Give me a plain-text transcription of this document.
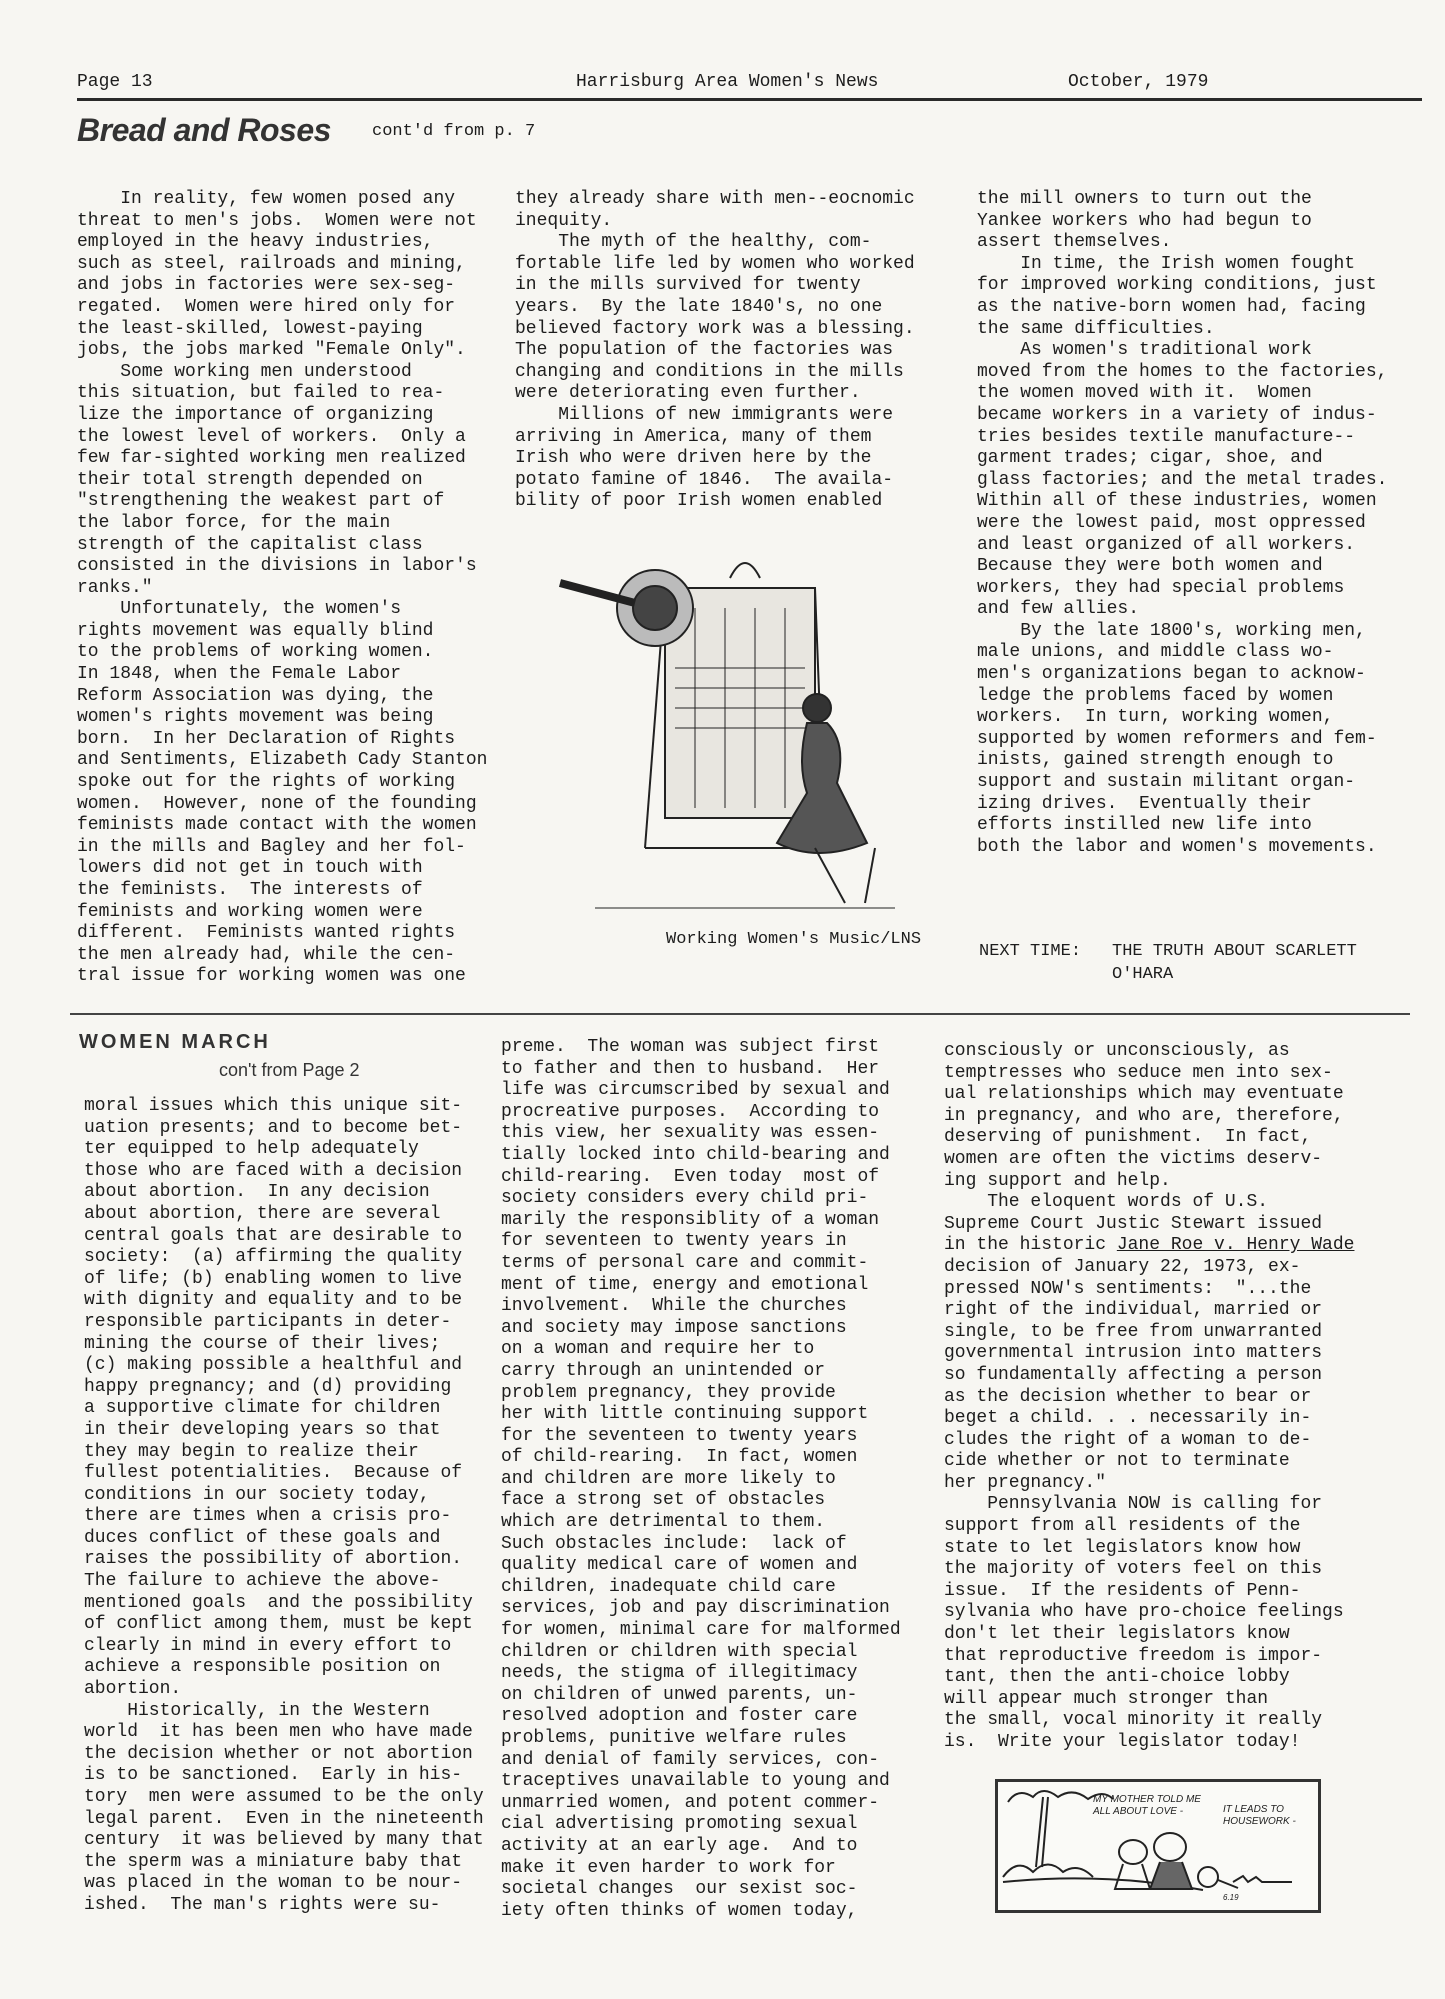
Page 13	Harrisburg Area Women's News	October, 1979
Bread and Roses cont'd from p. 7
In reality, few women posed any
threat to men's jobs.  Women were not
employed in the heavy industries,
such as steel, railroads and mining,
and jobs in factories were sex-seg-
regated.  Women were hired only for
the least-skilled, lowest-paying
jobs, the jobs marked "Female Only".
Some working men understood
this situation, but failed to rea-
lize the importance of organizing
the lowest level of workers.  Only a
few far-sighted working men realized
their total strength depended on
"strengthening the weakest part of
the labor force, for the main
strength of the capitalist class
consisted in the divisions in labor's
ranks."
Unfortunately, the women's
rights movement was equally blind
to the problems of working women.
In 1848, when the Female Labor
Reform Association was dying, the
women's rights movement was being
born.  In her Declaration of Rights
and Sentiments, Elizabeth Cady Stanton
spoke out for the rights of working
women.  However, none of the founding
feminists made contact with the women
in the mills and Bagley and her fol-
lowers did not get in touch with
the feminists.  The interests of
feminists and working women were
different.  Feminists wanted rights
the men already had, while the cen-
tral issue for working women was one
they already share with men--eocnomic
inequity.
The myth of the healthy, com-
fortable life led by women who worked
in the mills survived for twenty
years.  By the late 1840's, no one
believed factory work was a blessing.
The population of the factories was
changing and conditions in the mills
were deteriorating even further.
Millions of new immigrants were
arriving in America, many of them
Irish who were driven here by the
potato famine of 1846.  The availa-
bility of poor Irish women enabled
the mill owners to turn out the
Yankee workers who had begun to
assert themselves.
In time, the Irish women fought
for improved working conditions, just
as the native-born women had, facing
the same difficulties.
As women's traditional work
moved from the homes to the factories,
the women moved with it.  Women
became workers in a variety of indus-
tries besides textile manufacture--
garment trades; cigar, shoe, and
glass factories; and the metal trades.
Within all of these industries, women
were the lowest paid, most oppressed
and least organized of all workers.
Because they were both women and
workers, they had special problems
and few allies.
By the late 1800's, working men,
male unions, and middle class wo-
men's organizations began to acknow-
ledge the problems faced by women
workers.  In turn, working women,
supported by women reformers and fem-
inists, gained strength enough to
support and sustain militant organ-
izing drives.  Eventually their
efforts instilled new life into
both the labor and women's movements.
Working Women's Music/LNS
NEXT TIME: THE TRUTH ABOUT SCARLETT
O'HARA
WOMEN MARCH
con't from Page 2
moral issues which this unique sit-
uation presents; and to become bet-
ter equipped to help adequately
those who are faced with a decision
about abortion.  In any decision
about abortion, there are several
central goals that are desirable to
society:  (a) affirming the quality
of life; (b) enabling women to live
with dignity and equality and to be
responsible participants in deter-
mining the course of their lives;
(c) making possible a healthful and
happy pregnancy; and (d) providing
a supportive climate for children
in their developing years so that
they may begin to realize their
fullest potentialities.  Because of
conditions in our society today,
there are times when a crisis pro-
duces conflict of these goals and
raises the possibility of abortion.
The failure to achieve the above-
mentioned goals  and the possibility
of conflict among them, must be kept
clearly in mind in every effort to
achieve a responsible position on
abortion.
Historically, in the Western
world  it has been men who have made
the decision whether or not abortion
is to be sanctioned.  Early in his-
tory  men were assumed to be the only
legal parent.  Even in the nineteenth
century  it was believed by many that
the sperm was a miniature baby that
was placed in the woman to be nour-
ished.  The man's rights were su-
preme.  The woman was subject first
to father and then to husband.  Her
life was circumscribed by sexual and
procreative purposes.  According to
this view, her sexuality was essen-
tially locked into child-bearing and
child-rearing.  Even today  most of
society considers every child pri-
marily the responsiblity of a woman
for seventeen to twenty years in
terms of personal care and commit-
ment of time, energy and emotional
involvement.  While the churches
and society may impose sanctions
on a woman and require her to
carry through an unintended or
problem pregnancy, they provide
her with little continuing support
for the seventeen to twenty years
of child-rearing.  In fact, women
and children are more likely to
face a strong set of obstacles
which are detrimental to them.
Such obstacles include:  lack of
quality medical care of women and
children, inadequate child care
services, job and pay discrimination
for women, minimal care for malformed
children or children with special
needs, the stigma of illegitimacy
on children of unwed parents, un-
resolved adoption and foster care
problems, punitive welfare rules
and denial of family services, con-
traceptives unavailable to young and
unmarried women, and potent commer-
cial advertising promoting sexual
activity at an early age.  And to
make it even harder to work for
societal changes  our sexist soc-
iety often thinks of women today,
consciously or unconsciously, as
temptresses who seduce men into sex-
ual relationships which may eventuate
in pregnancy, and who are, therefore,
deserving of punishment.  In fact,
women are often the victims deserv-
ing support and help.
The eloquent words of U.S.
Supreme Court Justic Stewart issued
in the historic Jane Roe v. Henry Wade
decision of January 22, 1973, ex-
pressed NOW's sentiments:  "...the
right of the individual, married or
single, to be free from unwarranted
governmental intrusion into matters
so fundamentally affecting a person
as the decision whether to bear or
beget a child. . . necessarily in-
cludes the right of a woman to de-
cide whether or not to terminate
her pregnancy."
Pennsylvania NOW is calling for
support from all residents of the
state to let legislators know how
the majority of voters feel on this
issue.  If the residents of Penn-
sylvania who have pro-choice feelings
don't let their legislators know
that reproductive freedom is impor-
tant, then the anti-choice lobby
will appear much stronger than
the small, vocal minority it really
is.  Write your legislator today!
MY MOTHER TOLD ME ALL ABOUT LOVE -	IT LEADS TO HOUSEWORK -
6.19
